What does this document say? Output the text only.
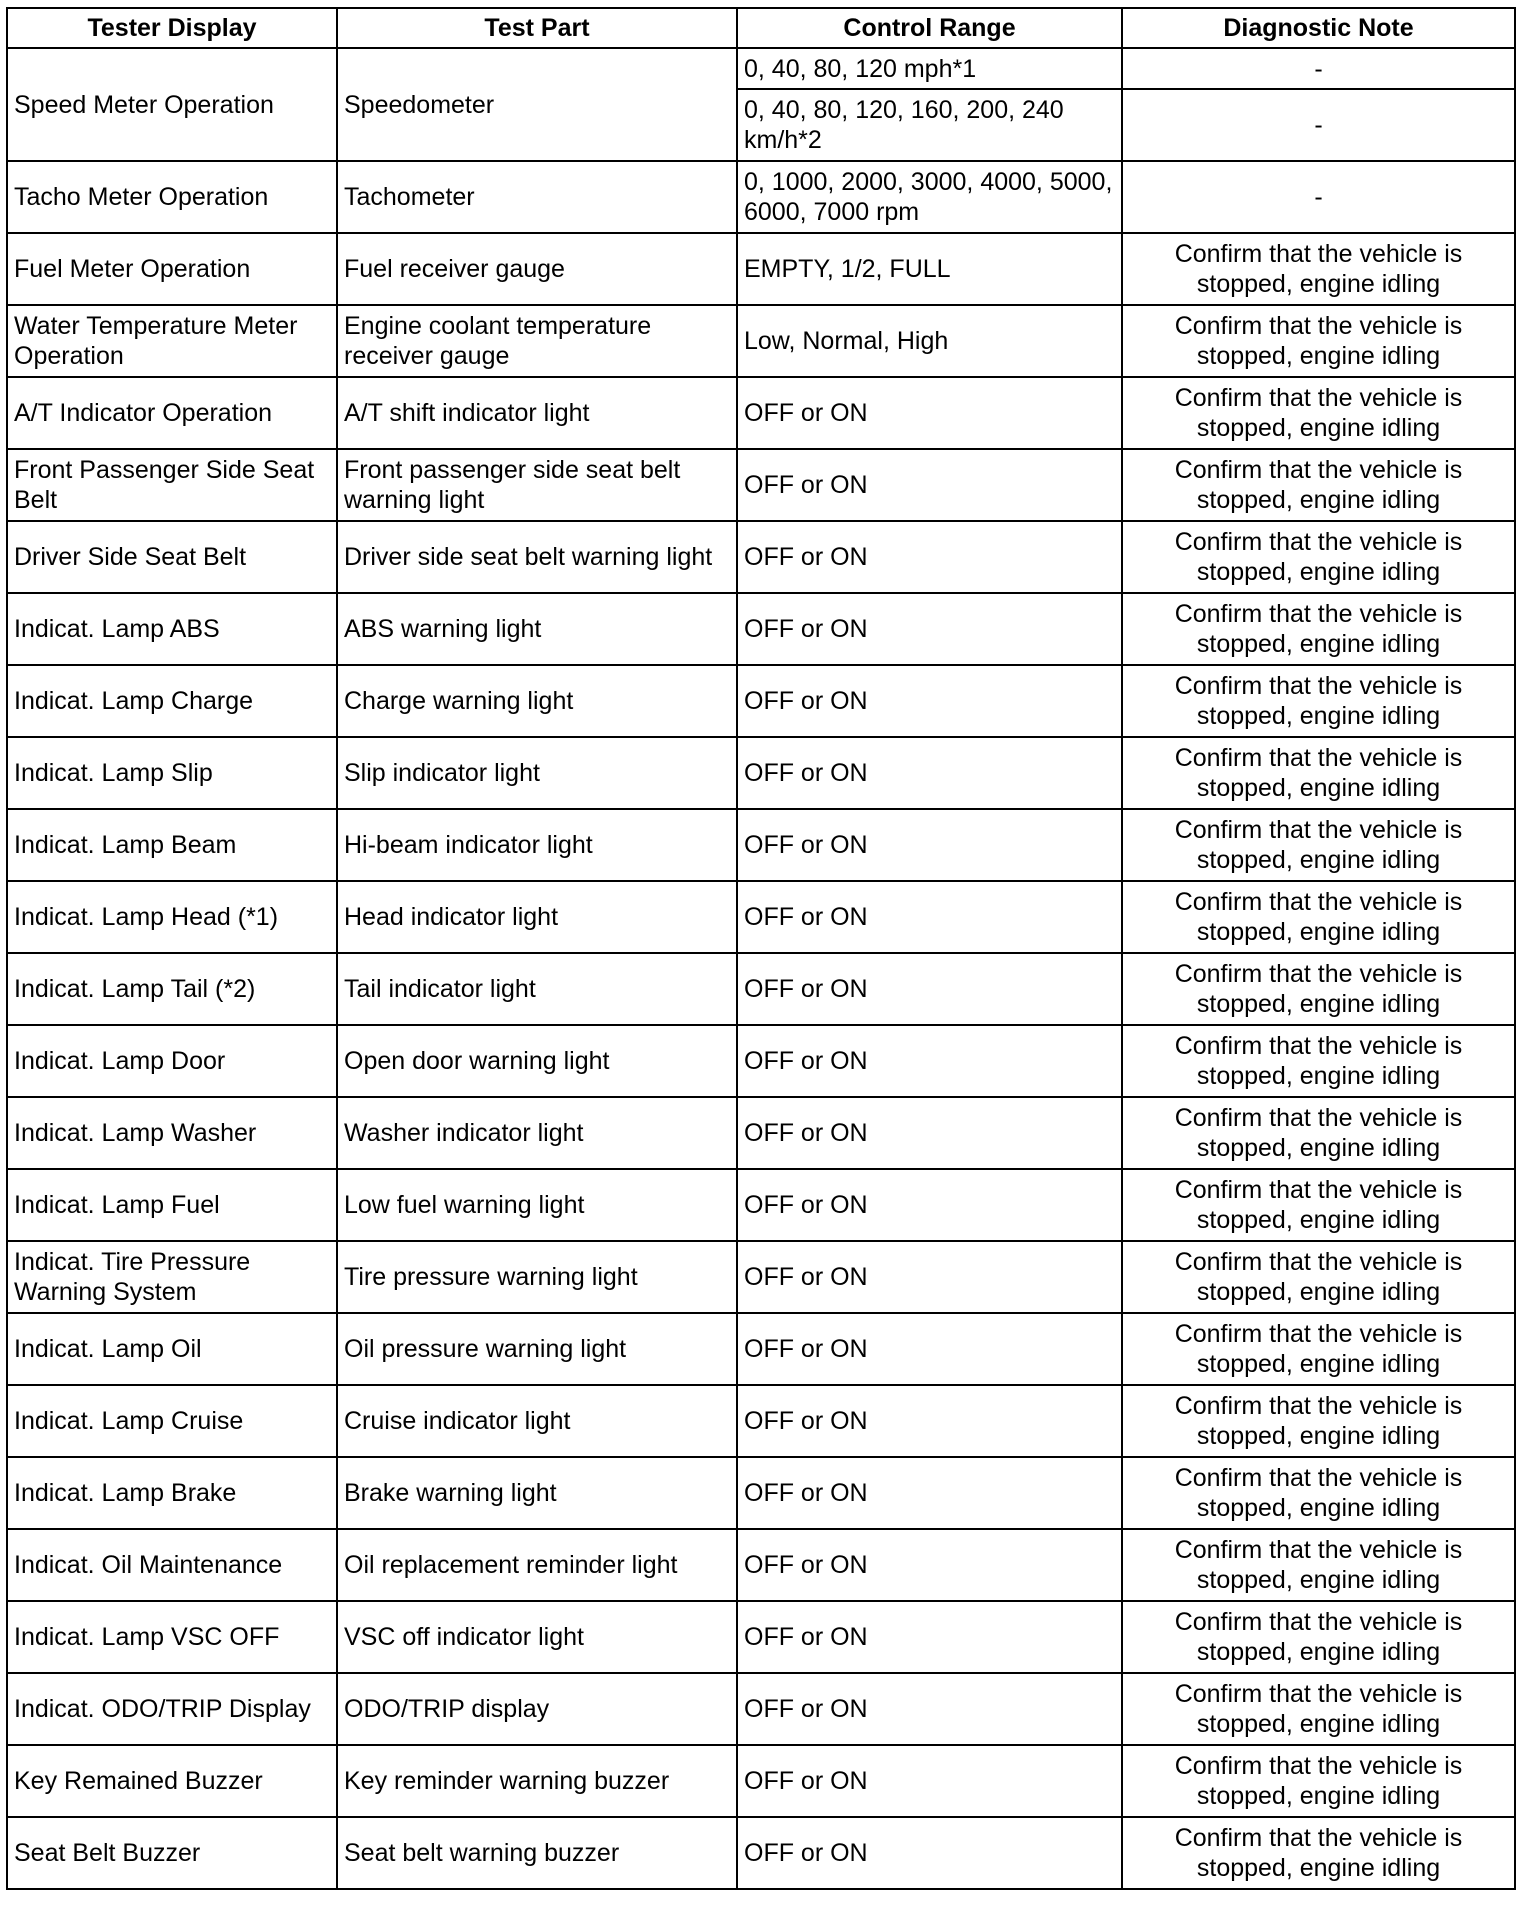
Tester Display	Test Part	Control Range	Diagnostic Note
Speed Meter Operation	Speedometer	0, 40, 80, 120 mph*1	-
		0, 40, 80, 120, 160, 200, 240 km/h*2	-
Tacho Meter Operation	Tachometer	0, 1000, 2000, 3000, 4000, 5000, 6000, 7000 rpm	-
Fuel Meter Operation	Fuel receiver gauge	EMPTY, 1/2, FULL	Confirm that the vehicle is stopped, engine idling
Water Temperature Meter Operation	Engine coolant temperature receiver gauge	Low, Normal, High	Confirm that the vehicle is stopped, engine idling
A/T Indicator Operation	A/T shift indicator light	OFF or ON	Confirm that the vehicle is stopped, engine idling
Front Passenger Side Seat Belt	Front passenger side seat belt warning light	OFF or ON	Confirm that the vehicle is stopped, engine idling
Driver Side Seat Belt	Driver side seat belt warning light	OFF or ON	Confirm that the vehicle is stopped, engine idling
Indicat. Lamp ABS	ABS warning light	OFF or ON	Confirm that the vehicle is stopped, engine idling
Indicat. Lamp Charge	Charge warning light	OFF or ON	Confirm that the vehicle is stopped, engine idling
Indicat. Lamp Slip	Slip indicator light	OFF or ON	Confirm that the vehicle is stopped, engine idling
Indicat. Lamp Beam	Hi-beam indicator light	OFF or ON	Confirm that the vehicle is stopped, engine idling
Indicat. Lamp Head (*1)	Head indicator light	OFF or ON	Confirm that the vehicle is stopped, engine idling
Indicat. Lamp Tail (*2)	Tail indicator light	OFF or ON	Confirm that the vehicle is stopped, engine idling
Indicat. Lamp Door	Open door warning light	OFF or ON	Confirm that the vehicle is stopped, engine idling
Indicat. Lamp Washer	Washer indicator light	OFF or ON	Confirm that the vehicle is stopped, engine idling
Indicat. Lamp Fuel	Low fuel warning light	OFF or ON	Confirm that the vehicle is stopped, engine idling
Indicat. Tire Pressure Warning System	Tire pressure warning light	OFF or ON	Confirm that the vehicle is stopped, engine idling
Indicat. Lamp Oil	Oil pressure warning light	OFF or ON	Confirm that the vehicle is stopped, engine idling
Indicat. Lamp Cruise	Cruise indicator light	OFF or ON	Confirm that the vehicle is stopped, engine idling
Indicat. Lamp Brake	Brake warning light	OFF or ON	Confirm that the vehicle is stopped, engine idling
Indicat. Oil Maintenance	Oil replacement reminder light	OFF or ON	Confirm that the vehicle is stopped, engine idling
Indicat. Lamp VSC OFF	VSC off indicator light	OFF or ON	Confirm that the vehicle is stopped, engine idling
Indicat. ODO/TRIP Display	ODO/TRIP display	OFF or ON	Confirm that the vehicle is stopped, engine idling
Key Remained Buzzer	Key reminder warning buzzer	OFF or ON	Confirm that the vehicle is stopped, engine idling
Seat Belt Buzzer	Seat belt warning buzzer	OFF or ON	Confirm that the vehicle is stopped, engine idling
